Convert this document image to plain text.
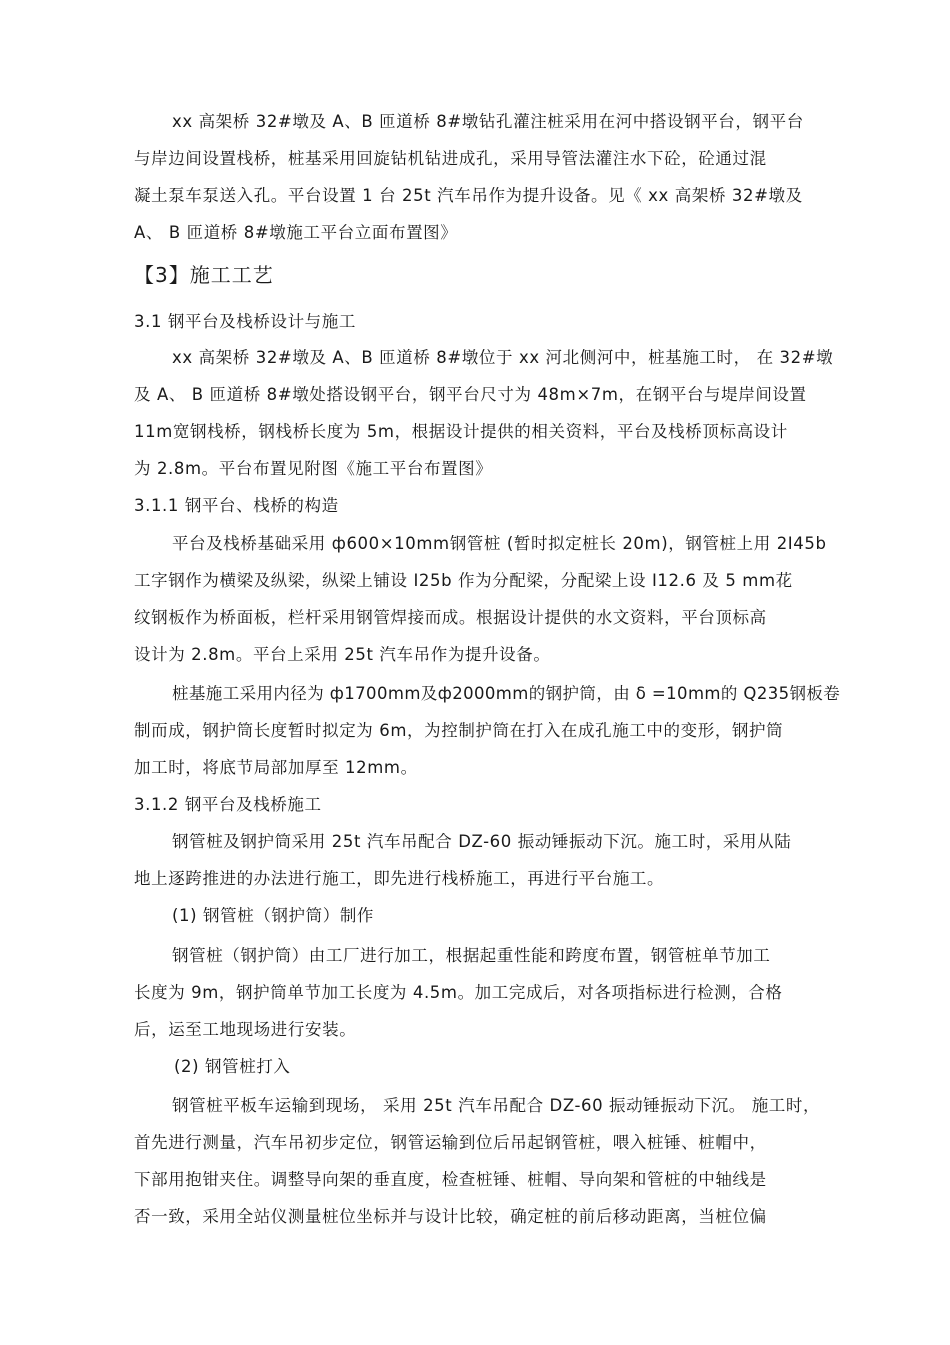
xx 高架桥 32#墩及 A、B 匝道桥 8#墩钻孔灌注桩采用在河中搭设钢平台，钢平台
与岸边间设置栈桥，桩基采用回旋钻机钻进成孔，采用导管法灌注水下砼，砼通过混
凝土泵车泵送入孔。平台设置 1 台 25t 汽车吊作为提升设备。见《 xx 高架桥 32#墩及
A、 B 匝道桥 8#墩施工平台立面布置图》
【3】施工工艺
3.1 钢平台及栈桥设计与施工
xx 高架桥 32#墩及 A、B 匝道桥 8#墩位于 xx 河北侧河中，桩基施工时， 在 32#墩
及 A、 B 匝道桥 8#墩处搭设钢平台，钢平台尺寸为 48m×7m，在钢平台与堤岸间设置
11m宽钢栈桥，钢栈桥长度为 5m，根据设计提供的相关资料，平台及栈桥顶标高设计
为 2.8m。平台布置见附图《施工平台布置图》
3.1.1 钢平台、栈桥的构造
平台及栈桥基础采用 ф600×10mm钢管桩 (暂时拟定桩长 20m)，钢管桩上用 2I45b
工字钢作为横梁及纵梁，纵梁上铺设 I25b 作为分配梁，分配梁上设 I12.6 及 5 mm花
纹钢板作为桥面板，栏杆采用钢管焊接而成。根据设计提供的水文资料，平台顶标高
设计为 2.8m。平台上采用 25t 汽车吊作为提升设备。
桩基施工采用内径为 ф1700mm及ф2000mm的钢护筒，由 δ =10mm的 Q235钢板卷
制而成，钢护筒长度暂时拟定为 6m，为控制护筒在打入在成孔施工中的变形，钢护筒
加工时，将底节局部加厚至 12mm。
3.1.2 钢平台及栈桥施工
钢管桩及钢护筒采用 25t 汽车吊配合 DZ-60 振动锤振动下沉。施工时，采用从陆
地上逐跨推进的办法进行施工，即先进行栈桥施工，再进行平台施工。
(1) 钢管桩（钢护筒）制作
钢管桩（钢护筒）由工厂进行加工，根据起重性能和跨度布置，钢管桩单节加工
长度为 9m，钢护筒单节加工长度为 4.5m。加工完成后，对各项指标进行检测，合格
后，运至工地现场进行安装。
(2) 钢管桩打入
钢管桩平板车运输到现场， 采用 25t 汽车吊配合 DZ-60 振动锤振动下沉。 施工时，
首先进行测量，汽车吊初步定位，钢管运输到位后吊起钢管桩，喂入桩锤、桩帽中，
下部用抱钳夹住。调整导向架的垂直度，检查桩锤、桩帽、导向架和管桩的中轴线是
否一致，采用全站仪测量桩位坐标并与设计比较，确定桩的前后移动距离，当桩位偏
